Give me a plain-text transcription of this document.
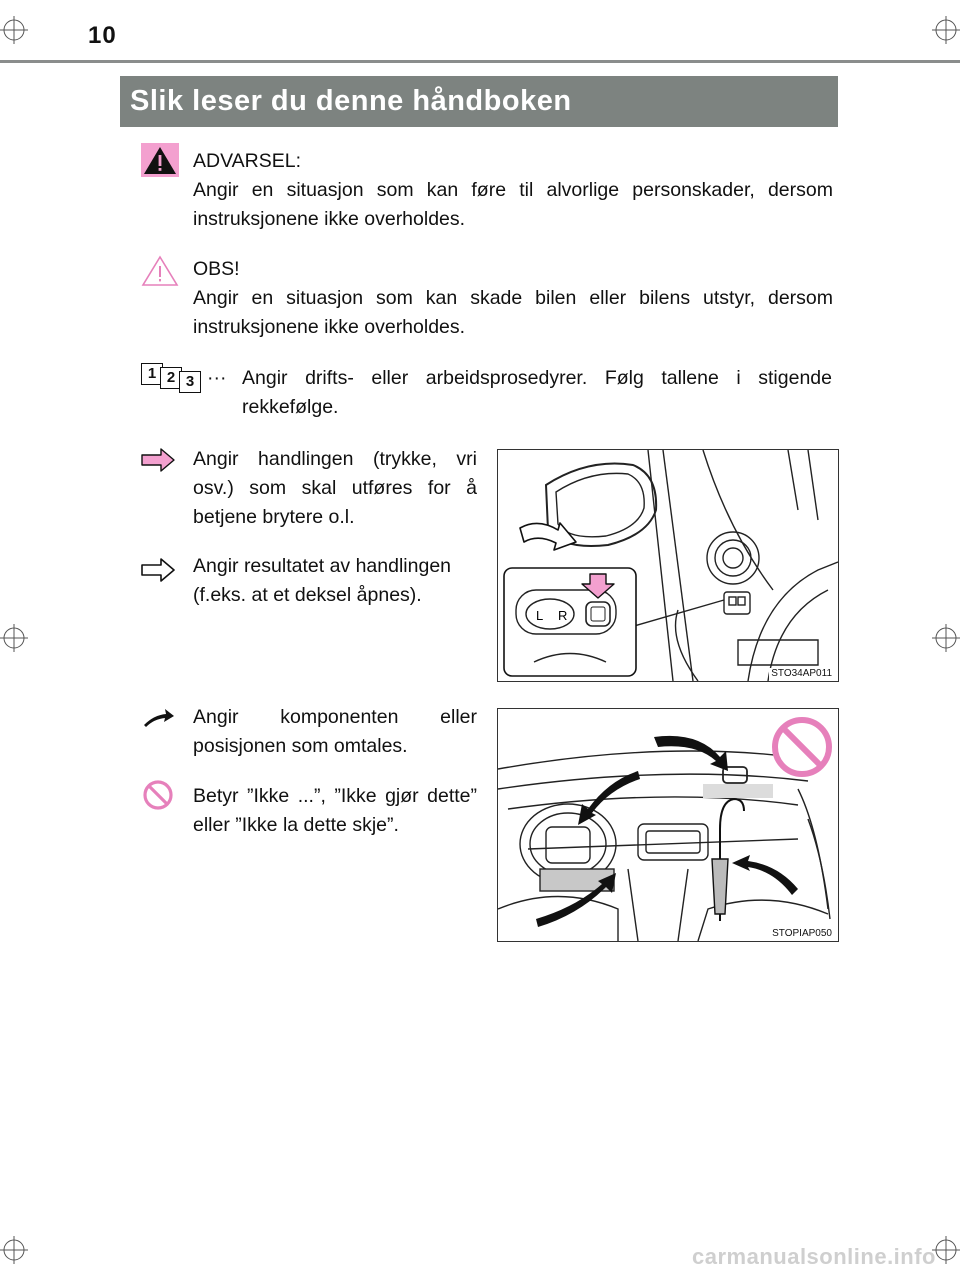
10
Slik leser du denne håndboken
ADVARSEL:
Angir en situasjon som kan føre til alvorlige personskader, dersom instruksjonene ikke overholdes.
OBS!
Angir en situasjon som kan skade bilen eller bilens utstyr, dersom instruksjonene ikke overholdes.
1 2 3 ··· Angir drifts- eller arbeidsprosedyrer. Følg tallene i stigende rekkefølge.
Angir handlingen (trykke, vri osv.) som skal utføres for å betjene brytere o.l.
Angir resultatet av handlingen (f.eks. at et deksel åpnes).
L R
STO34AP011
Angir komponenten eller posisjonen som omtales.
Betyr ”Ikke ...”, ”Ikke gjør dette” eller ”Ikke la dette skje”.
STOPIAP050
carmanualsonline.info
